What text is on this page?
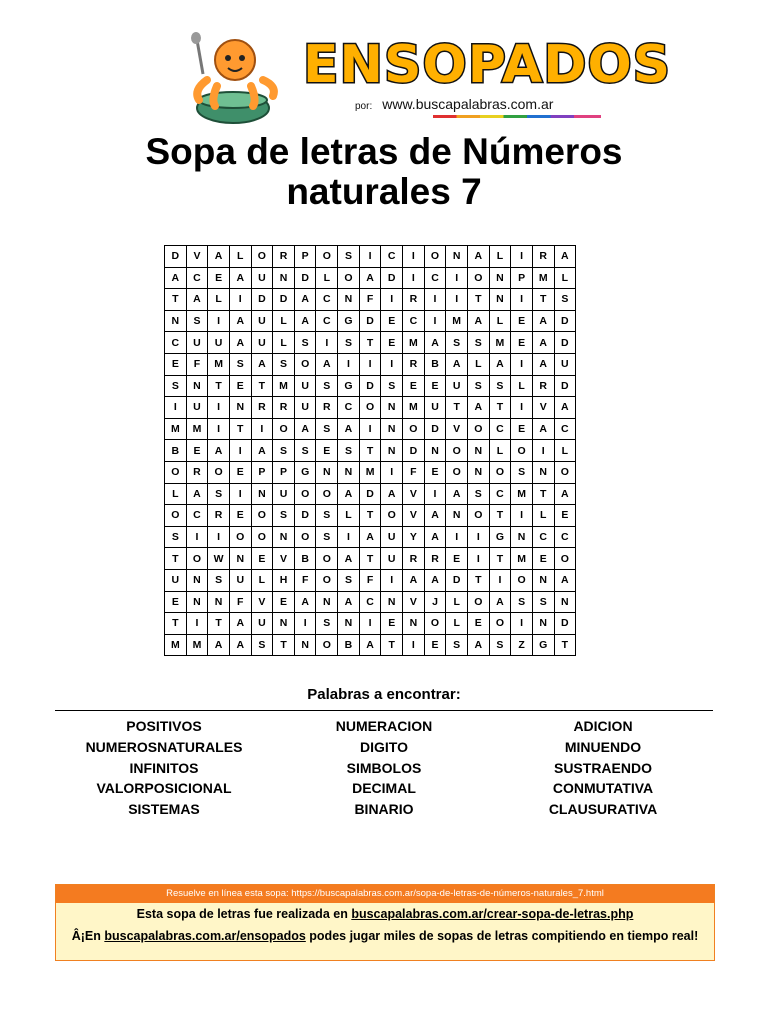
ENSOPADOS
por: www.buscapalabras.com.ar
Sopa de letras de Números
naturales 7
D	V	A	L	O	R	P	O	S	I	C	I	O	N	A	L	I	R	A
A	C	E	A	U	N	D	L	O	A	D	I	C	I	O	N	P	M	L
T	A	L	I	D	D	A	C	N	F	I	R	I	I	T	N	I	T	S
N	S	I	A	U	L	A	C	G	D	E	C	I	M	A	L	E	A	D
C	U	U	A	U	L	S	I	S	T	E	M	A	S	S	M	E	A	D
E	F	M	S	A	S	O	A	I	I	I	R	B	A	L	A	I	A	U
S	N	T	E	T	M	U	S	G	D	S	E	E	U	S	S	L	R	D
I	U	I	N	R	R	U	R	C	O	N	M	U	T	A	T	I	V	A
M	M	I	T	I	O	A	S	A	I	N	O	D	V	O	C	E	A	C
B	E	A	I	A	S	S	E	S	T	N	D	N	O	N	L	O	I	L
O	R	O	E	P	P	G	N	N	M	I	F	E	O	N	O	S	N	O
L	A	S	I	N	U	O	O	A	D	A	V	I	A	S	C	M	T	A
O	C	R	E	O	S	D	S	L	T	O	V	A	N	O	T	I	L	E
S	I	I	O	O	N	O	S	I	A	U	Y	A	I	I	G	N	C	C
T	O	W	N	E	V	B	O	A	T	U	R	R	E	I	T	M	E	O
U	N	S	U	L	H	F	O	S	F	I	A	A	D	T	I	O	N	A
E	N	N	F	V	E	A	N	A	C	N	V	J	L	O	A	S	S	N
T	I	T	A	U	N	I	S	N	I	E	N	O	L	E	O	I	N	D
M	M	A	A	S	T	N	O	B	A	T	I	E	S	A	S	Z	G	T
Palabras a encontrar:
POSITIVOS
NUMEROSNATURALES
INFINITOS
VALORPOSICIONAL
SISTEMAS
NUMERACION
DIGITO
SIMBOLOS
DECIMAL
BINARIO
ADICION
MINUENDO
SUSTRAENDO
CONMUTATIVA
CLAUSURATIVA
Resuelve en línea esta sopa: https://buscapalabras.com.ar/sopa-de-letras-de-números-naturales_7.html
Esta sopa de letras fue realizada en buscapalabras.com.ar/crear-sopa-de-letras.php
Â¡En buscapalabras.com.ar/ensopados podes jugar miles de sopas de letras compitiendo en tiempo real!
